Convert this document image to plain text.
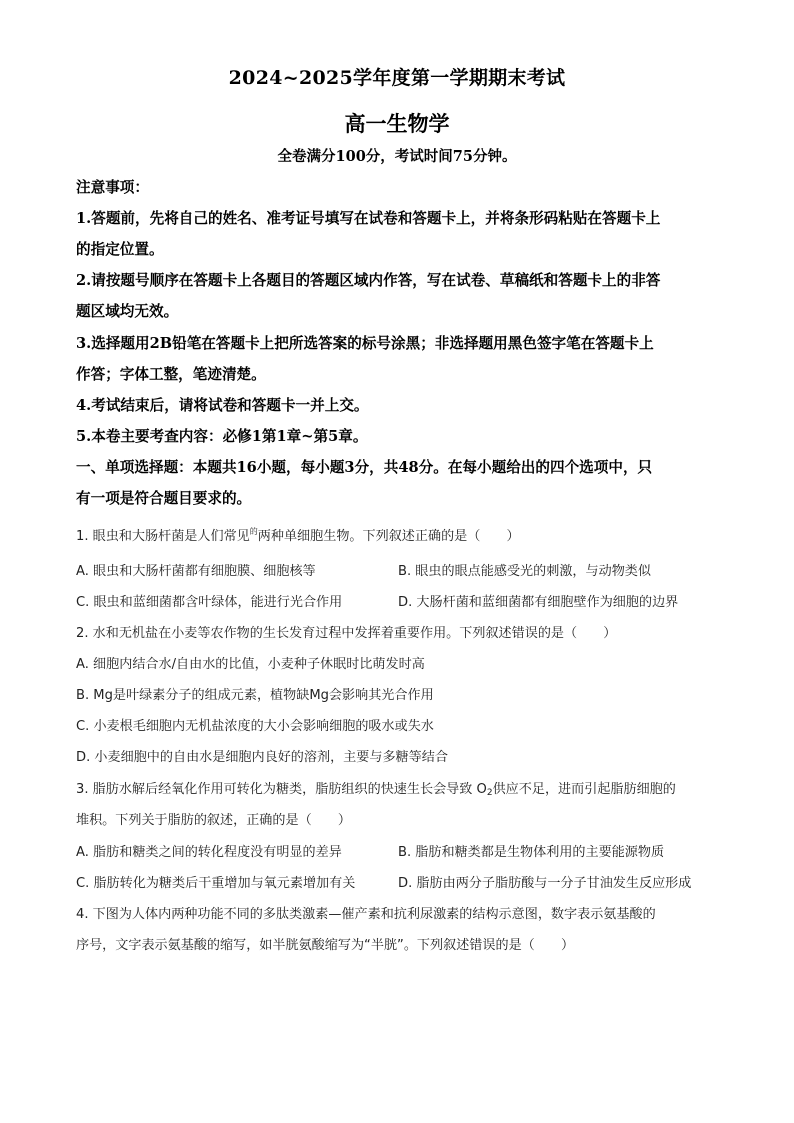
2024~2025学年度第一学期期末考试
高一生物学
全卷满分100分，考试时间75分钟。
注意事项：
1.答题前，先将自己的姓名、准考证号填写在试卷和答题卡上，并将条形码粘贴在答题卡上
的指定位置。
2.请按题号顺序在答题卡上各题目的答题区域内作答，写在试卷、草稿纸和答题卡上的非答
题区域均无效。
3.选择题用2B铅笔在答题卡上把所选答案的标号涂黑；非选择题用黑色签字笔在答题卡上
作答；字体工整，笔迹清楚。
4.考试结束后，请将试卷和答题卡一并上交。
5.本卷主要考查内容：必修1第1章~第5章。
一、单项选择题：本题共16小题，每小题3分，共48分。在每小题给出的四个选项中，只
有一项是符合题目要求的。
1. 眼虫和大肠杆菌是人们常见$^的$两种单细胞生物。下列叙述正确的是（　　）
A. 眼虫和大肠杆菌都有细胞膜、细胞核等	B. 眼虫的眼点能感受光的刺激，与动物类似
C. 眼虫和蓝细菌都含叶绿体，能进行光合作用	D. 大肠杆菌和蓝细菌都有细胞壁作为细胞的边界
2. 水和无机盐在小麦等农作物的生长发育过程中发挥着重要作用。下列叙述错误的是（　　）
A. 细胞内结合水/自由水的比值，小麦种子休眠时比萌发时高
B. Mg是叶绿素分子的组成元素，植物缺Mg会影响其光合作用
C. 小麦根毛细胞内无机盐浓度的大小会影响细胞的吸水或失水
D. 小麦细胞中的自由水是细胞内良好的溶剂，主要与多糖等结合
3. 脂肪水解后经氧化作用可转化为糖类，脂肪组织的快速生长会导致 $O_2$供应不足，进而引起脂肪细胞的
堆积。下列关于脂肪的叙述，正确的是（　　）
A. 脂肪和糖类之间的转化程度没有明显的差异	B. 脂肪和糖类都是生物体利用的主要能源物质
C. 脂肪转化为糖类后干重增加与氧元素增加有关	D. 脂肪由两分子脂肪酸与一分子甘油发生反应形成
4. 下图为人体内两种功能不同的多肽类激素—催产素和抗利尿激素的结构示意图，数字表示氨基酸的
序号，文字表示氨基酸的缩写，如半胱氨酸缩写为“半胱”。下列叙述错误的是（　　）
